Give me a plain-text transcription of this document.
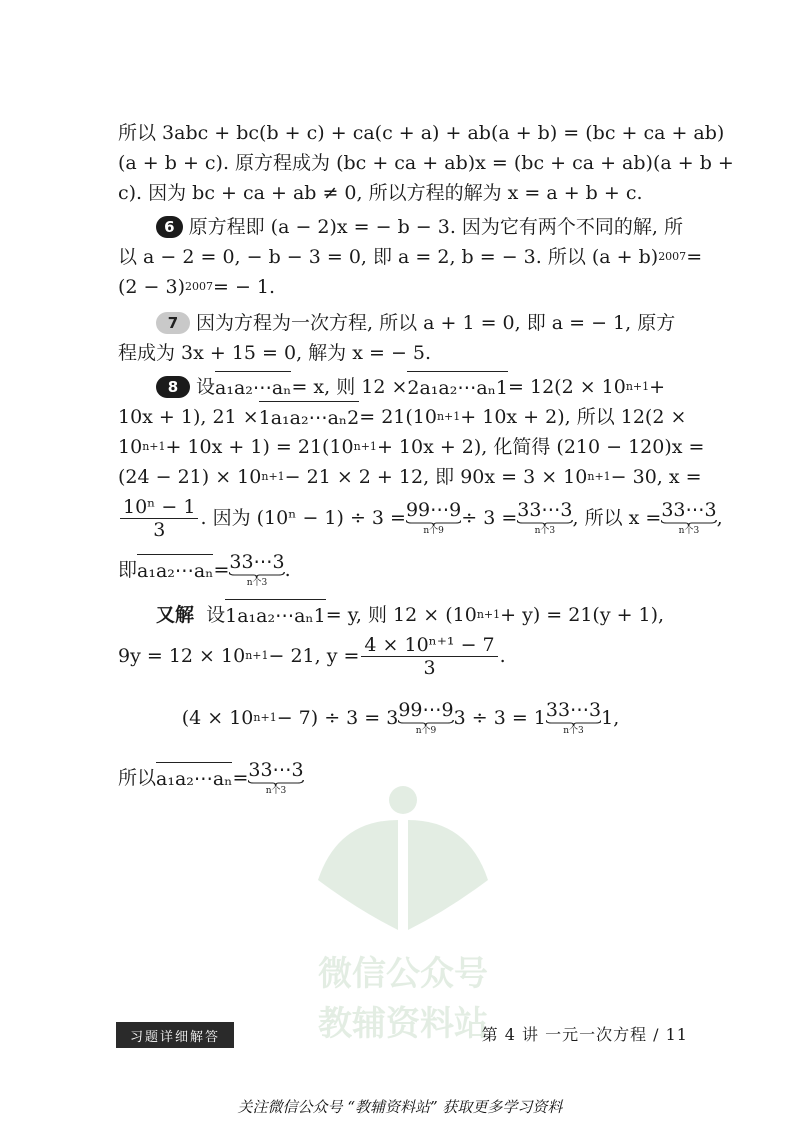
所以 3abc + bc(b + c) + ca(c + a) + ab(a + b) = (bc + ca + ab)
(a + b + c). 原方程成为 (bc + ca + ab)x = (bc + ca + ab)(a + b +
c). 因为 bc + ca + ab ≠ 0, 所以方程的解为 x = a + b + c.
6 原方程即 (a − 2)x = − b − 3. 因为它有两个不同的解, 所
以 a − 2 = 0, − b − 3 = 0, 即 a = 2, b = − 3. 所以 (a + b) 2007 =
(2 − 3) 2007 = − 1.
7 因为方程为一次方程, 所以 a + 1 = 0, 即 a = − 1, 原方
程成为 3x + 15 = 0, 解为 x = − 5.
8 设 a₁a₂⋯aₙ = x, 则 12 × 2a₁a₂⋯aₙ1 = 12(2 × 10 n+1 +
10x + 1), 21 × 1a₁a₂⋯aₙ2 = 21(10 n+1 + 10x + 2), 所以 12(2 ×
10 n+1 + 10x + 1) = 21(10 n+1 + 10x + 2), 化简得 (210 − 120)x =
(24 − 21) × 10 n+1 − 21 × 2 + 12, 即 90x = 3 × 10 n+1 − 30, x =
$\frac{\text{10ⁿ − 1}}{3}$ . 因为 (10ⁿ − 1) ÷ 3 = 99⋯9
n个9
÷ 3 = 33⋯3
n个3
, 所以 x = 33⋯3
n个3
,
即 a₁a₂⋯aₙ = 33⋯3
n个3
.
又解
设 1a₁a₂⋯aₙ1 = y, 则 12 × (10 n+1 + y) = 21(y + 1),
9y = 12 × 10 n+1 − 21, $y = \frac{\text{4 × 10ⁿ⁺¹ − 7}}{3}$ .
(4 × 10 n+1 − 7) ÷ 3 = 3 99⋯9
n个9
3 ÷ 3 = 1 33⋯3
n个3
1,
所以 a₁a₂⋯aₙ = 33⋯3
n个3
微信公众号
教辅资料站
习题详细解答	第 4 讲 一元一次方程 / 11
关注微信公众号 “教辅资料站” 获取更多学习资料
